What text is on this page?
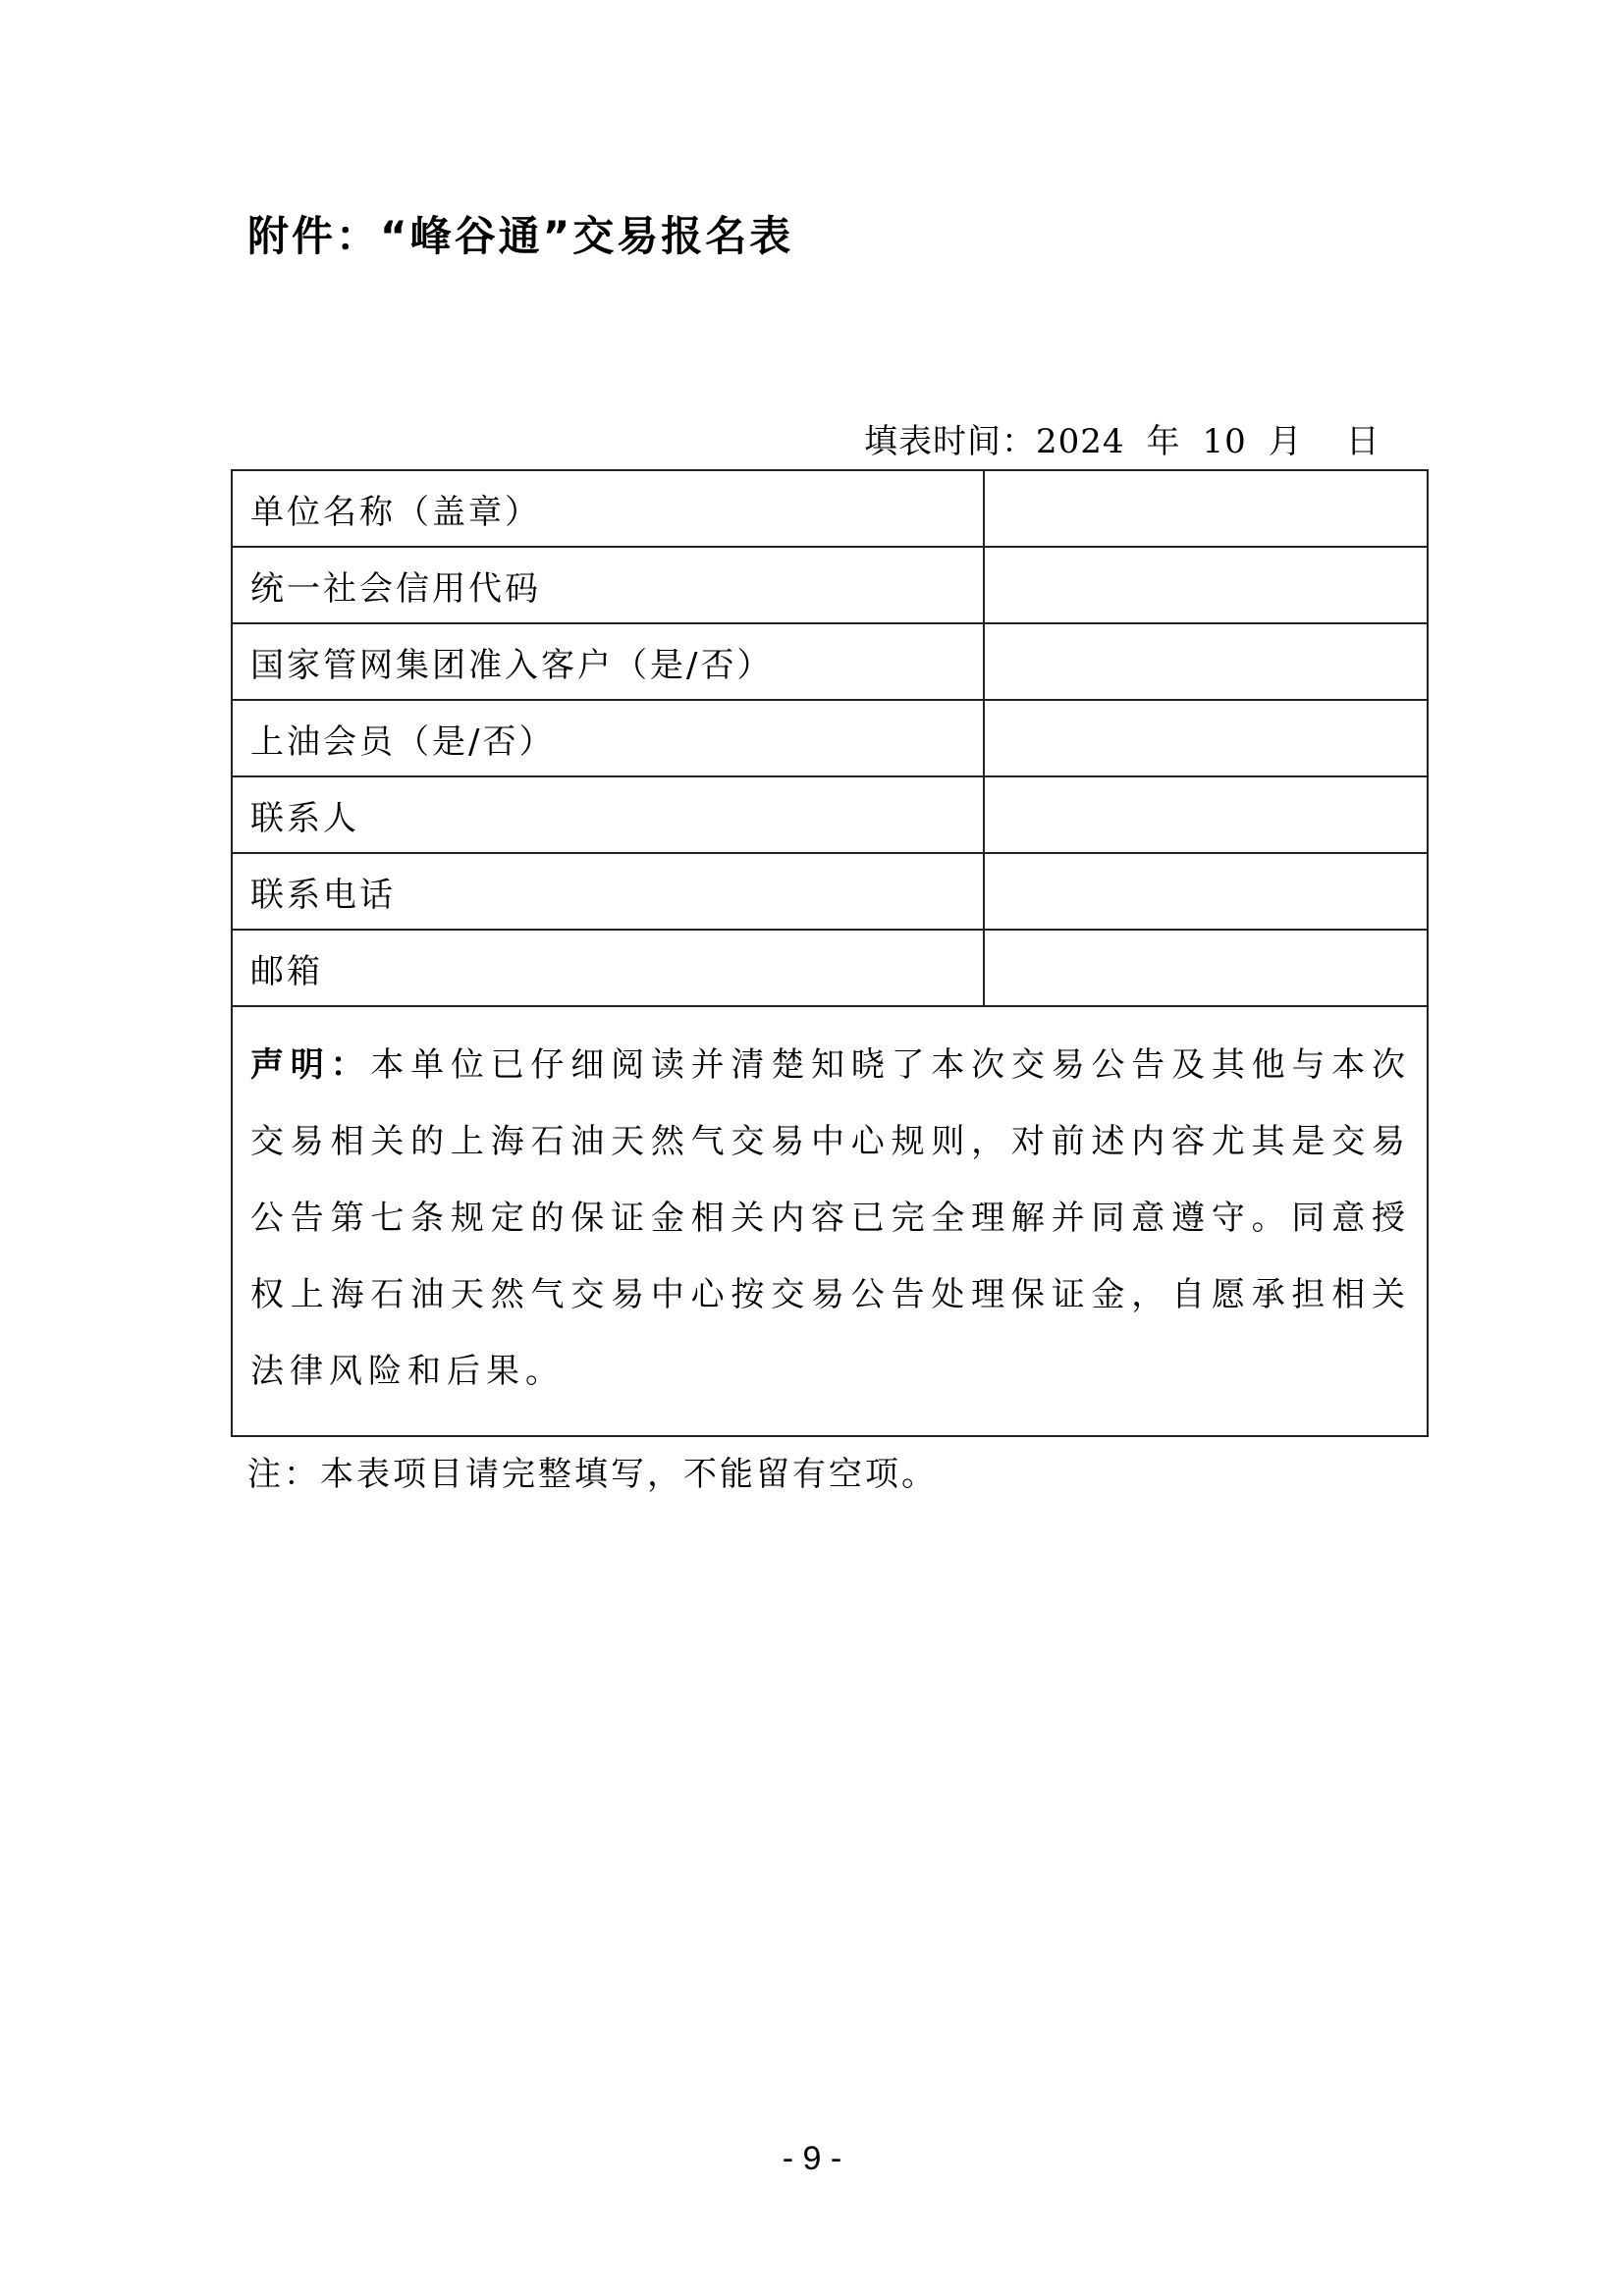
附件：“峰谷通”交易报名表
填表时间：2024 年 10 月 日
单位名称（盖章）	
统一社会信用代码	
国家管网集团准入客户（是/否）	
上油会员（是/否）	
联系人	
联系电话	
邮箱	
声明：本单位已仔细阅读并清楚知晓了本次交易公告及其他与本次交易相关的上海石油天然气交易中心规则，对前述内容尤其是交易公告第七条规定的保证金相关内容已完全理解并同意遵守。同意授权上海石油天然气交易中心按交易公告处理保证金，自愿承担相关法律风险和后果。	
注：本表项目请完整填写，不能留有空项。
- 9 -
